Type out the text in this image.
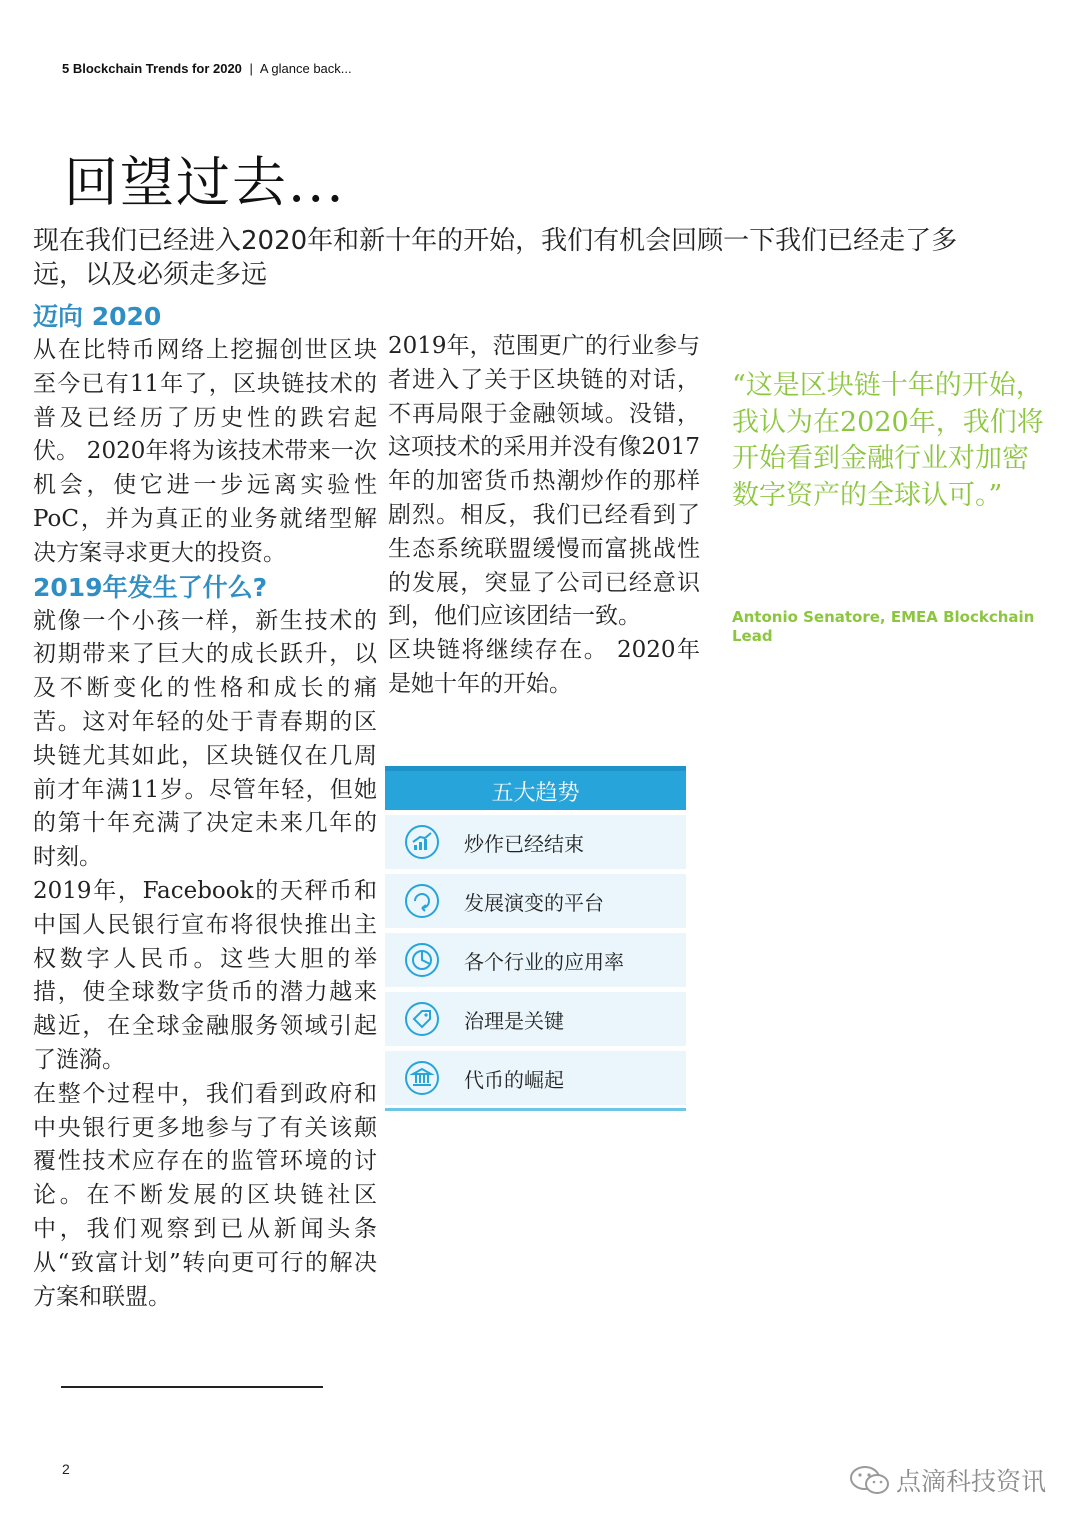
5 Blockchain Trends for 2020 | A glance back...
回望过去...

现在我们已经进入2020年和新十年的开始，我们有机会回顾一下我们已经走了多远，以及必须走多远

迈向 2020

从在比特币网络上挖掘创世区块至今已有11年了，区块链技术的普及已经历了历史性的跌宕起伏。 2020年将为该技术带来一次机会，使它进一步远离实验性PoC，并为真正的业务就绪型解决方案寻求更大的投资。

2019年发生了什么?

就像一个小孩一样，新生技术的初期带来了巨大的成长跃升，以及不断变化的性格和成长的痛苦。这对年轻的处于青春期的区块链尤其如此，区块链仅在几周前才年满11岁。尽管年轻，但她的第十年充满了决定未来几年的时刻。

2019年，Facebook的天秤币和中国人民银行宣布将很快推出主权数字人民币。这些大胆的举措，使全球数字货币的潜力越来越近，在全球金融服务领域引起了涟漪。

在整个过程中，我们看到政府和中央银行更多地参与了有关该颠覆性技术应存在的监管环境的讨论。在不断发展的区块链社区中，我们观察到已从新闻头条从“致富计划”转向更可行的解决方案和联盟。

2019年，范围更广的行业参与者进入了关于区块链的对话，不再局限于金融领域。没错，这项技术的采用并没有像2017年的加密货币热潮炒作的那样剧烈。相反，我们已经看到了生态系统联盟缓慢而富挑战性的发展，突显了公司已经意识到，他们应该团结一致。

区块链将继续存在。 2020年是她十年的开始。

五大趋势
炒作已经结束
发展演变的平台
各个行业的应用率
治理是关键
代币的崛起

“这是区块链十年的开始，我认为在2020年，我们将开始看到金融行业对加密数字资产的全球认可。”

Antonio Senatore, EMEA Blockchain Lead

2	点滴科技资讯
